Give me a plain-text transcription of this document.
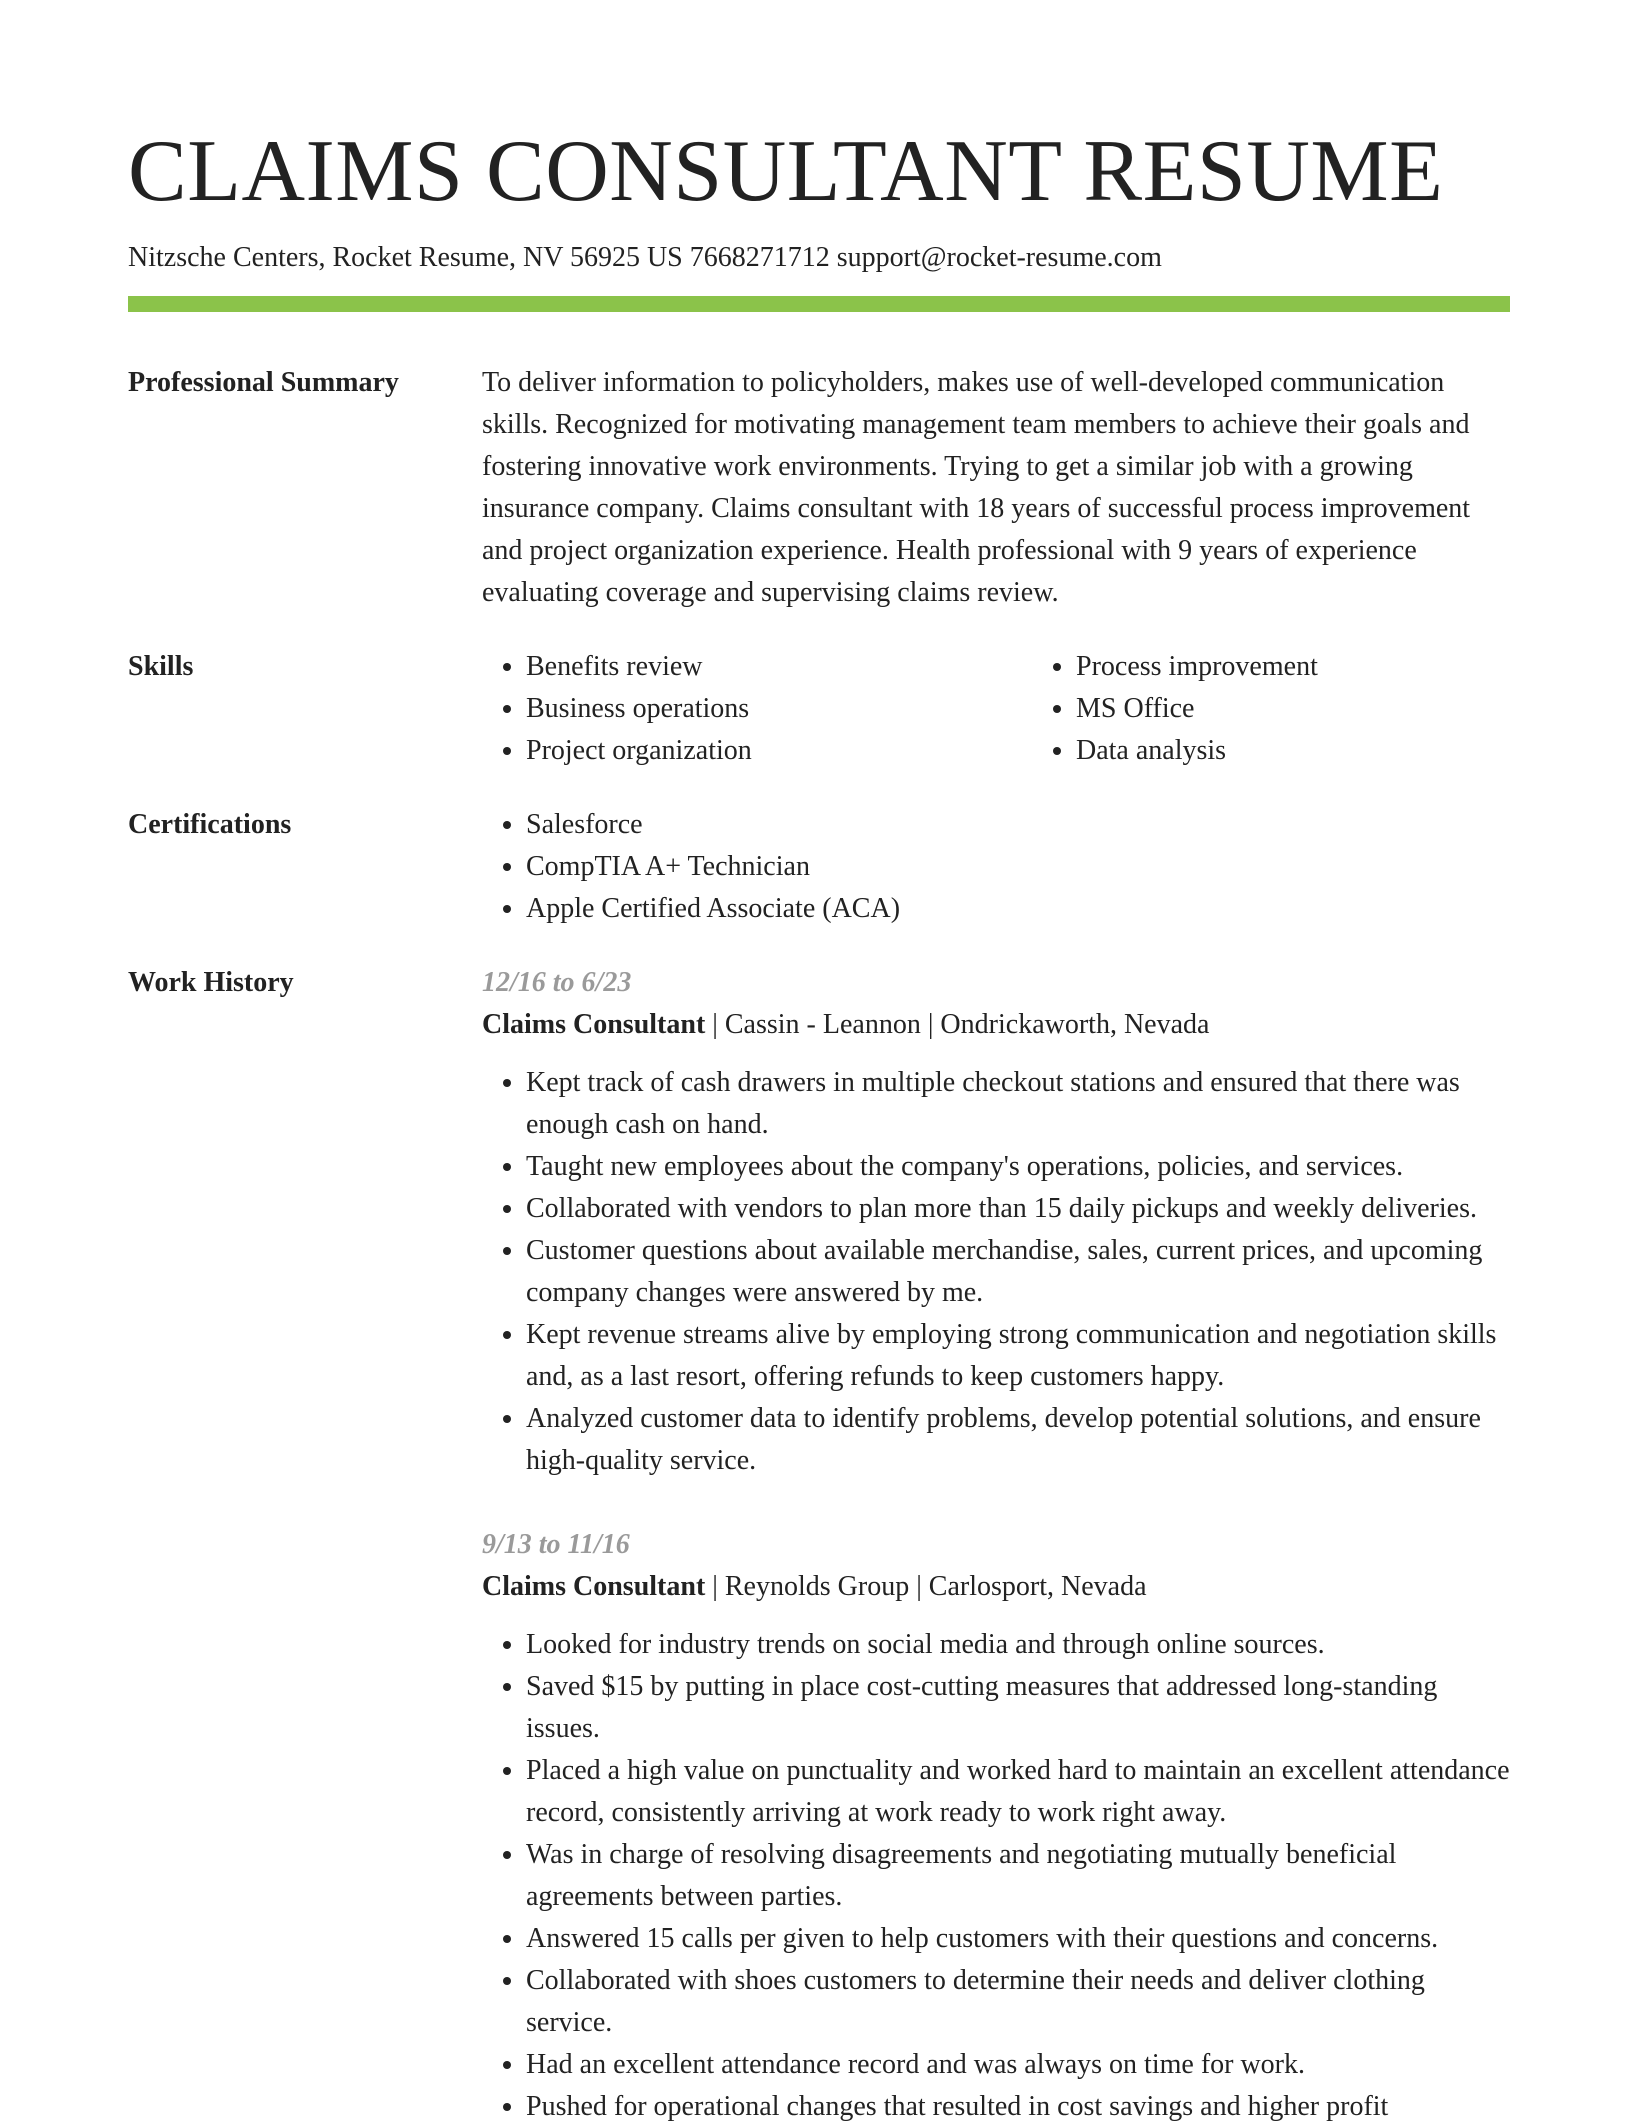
CLAIMS CONSULTANT RESUME
Nitzsche Centers, Rocket Resume, NV 56925 US 7668271712 support@rocket-resume.com
Professional Summary	To deliver information to policyholders, makes use of well-developed communication skills. Recognized for motivating management team members to achieve their goals and fostering innovative work environments. Trying to get a similar job with a growing insurance company. Claims consultant with 18 years of successful process improvement and project organization experience. Health professional with 9 years of experience evaluating coverage and supervising claims review.

Skills	• Benefits review
• Business operations
• Project organization
• Process improvement
• MS Office
• Data analysis
Certifications	• Salesforce
• CompTIA A+ Technician
• Apple Certified Associate (ACA)
Work History	12/16 to 6/23
Claims Consultant | Cassin - Leannon | Ondrickaworth, Nevada
• Kept track of cash drawers in multiple checkout stations and ensured that there was enough cash on hand.
• Taught new employees about the company's operations, policies, and services.
• Collaborated with vendors to plan more than 15 daily pickups and weekly deliveries.
• Customer questions about available merchandise, sales, current prices, and upcoming company changes were answered by me.
• Kept revenue streams alive by employing strong communication and negotiation skills and, as a last resort, offering refunds to keep customers happy.
• Analyzed customer data to identify problems, develop potential solutions, and ensure high-quality service.
9/13 to 11/16
Claims Consultant | Reynolds Group | Carlosport, Nevada
• Looked for industry trends on social media and through online sources.
• Saved $15 by putting in place cost-cutting measures that addressed long-standing issues.
• Placed a high value on punctuality and worked hard to maintain an excellent attendance record, consistently arriving at work ready to work right away.
• Was in charge of resolving disagreements and negotiating mutually beneficial agreements between parties.
• Answered 15 calls per given to help customers with their questions and concerns.
• Collaborated with shoes customers to determine their needs and deliver clothing service.
• Had an excellent attendance record and was always on time for work.
• Pushed for operational changes that resulted in cost savings and higher profit
